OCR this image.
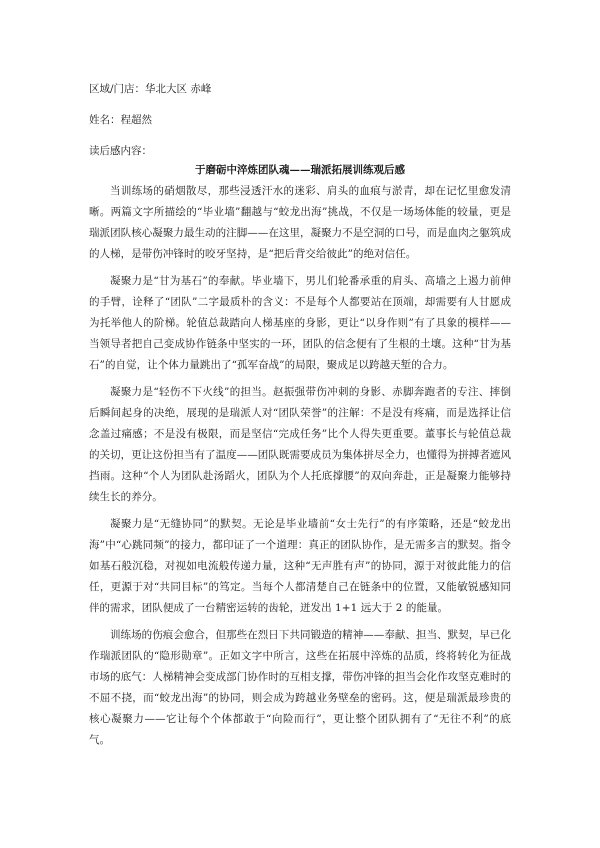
区域/门店：华北大区 赤峰
姓名：程超然
读后感内容：
于磨砺中淬炼团队魂——瑞派拓展训练观后感

当训练场的硝烟散尽，那些浸透汗水的迷彩、肩头的血痕与淤青，却在记忆里愈发清晰。两篇文字所描绘的“毕业墙”翻越与“蛟龙出海”挑战，不仅是一场场体能的较量，更是瑞派团队核心凝聚力最生动的注脚——在这里，凝聚力不是空洞的口号，而是血肉之躯筑成的人梯，是带伤冲锋时的咬牙坚持，是“把后背交给彼此”的绝对信任。

凝聚力是“甘为基石”的奉献。毕业墙下，男儿们轮番承重的肩头、高墙之上遏力前伸的手臂，诠释了“团队”二字最质朴的含义：不是每个人都要站在顶端，却需要有人甘愿成为托举他人的阶梯。轮值总裁踏向人梯基座的身影，更让“以身作则”有了具象的模样——当领导者把自己变成协作链条中坚实的一环，团队的信念便有了生根的土壤。这种“甘为基石”的自觉，让个体力量跳出了“孤军奋战”的局限，聚成足以跨越天堑的合力。

凝聚力是“轻伤不下火线”的担当。赵振强带伤冲刺的身影、赤脚奔跑者的专注、摔倒后瞬间起身的决绝，展现的是瑞派人对“团队荣誉”的注解：不是没有疼痛，而是选择让信念盖过痛感；不是没有极限，而是坚信“完成任务”比个人得失更重要。董事长与轮值总裁的关切，更让这份担当有了温度——团队既需要成员为集体拼尽全力，也懂得为拼搏者遮风挡雨。这种“个人为团队赴汤蹈火，团队为个人托底撑腰”的双向奔赴，正是凝聚力能够持续生长的养分。

凝聚力是“无缝协同”的默契。无论是毕业墙前“女士先行”的有序策略，还是“蛟龙出海”中“心跳同频”的接力，都印证了一个道理：真正的团队协作，是无需多言的默契。指令如基石般沉稳，对视如电流般传递力量，这种“无声胜有声”的协同，源于对彼此能力的信任，更源于对“共同目标”的笃定。当每个人都清楚自己在链条中的位置，又能敏锐感知同伴的需求，团队便成了一台精密运转的齿轮，迸发出 1+1 远大于 2 的能量。

训练场的伤痕会愈合，但那些在烈日下共同锻造的精神——奉献、担当、默契，早已化作瑞派团队的“隐形勋章”。正如文字中所言，这些在拓展中淬炼的品质，终将转化为征战市场的底气：人梯精神会变成部门协作时的互相支撑，带伤冲锋的担当会化作攻坚克难时的不屈不挠，而“蛟龙出海”的协同，则会成为跨越业务壁垒的密码。这，便是瑞派最珍贵的核心凝聚力——它让每个个体都敢于“向险而行”，更让整个团队拥有了“无往不利”的底气。
